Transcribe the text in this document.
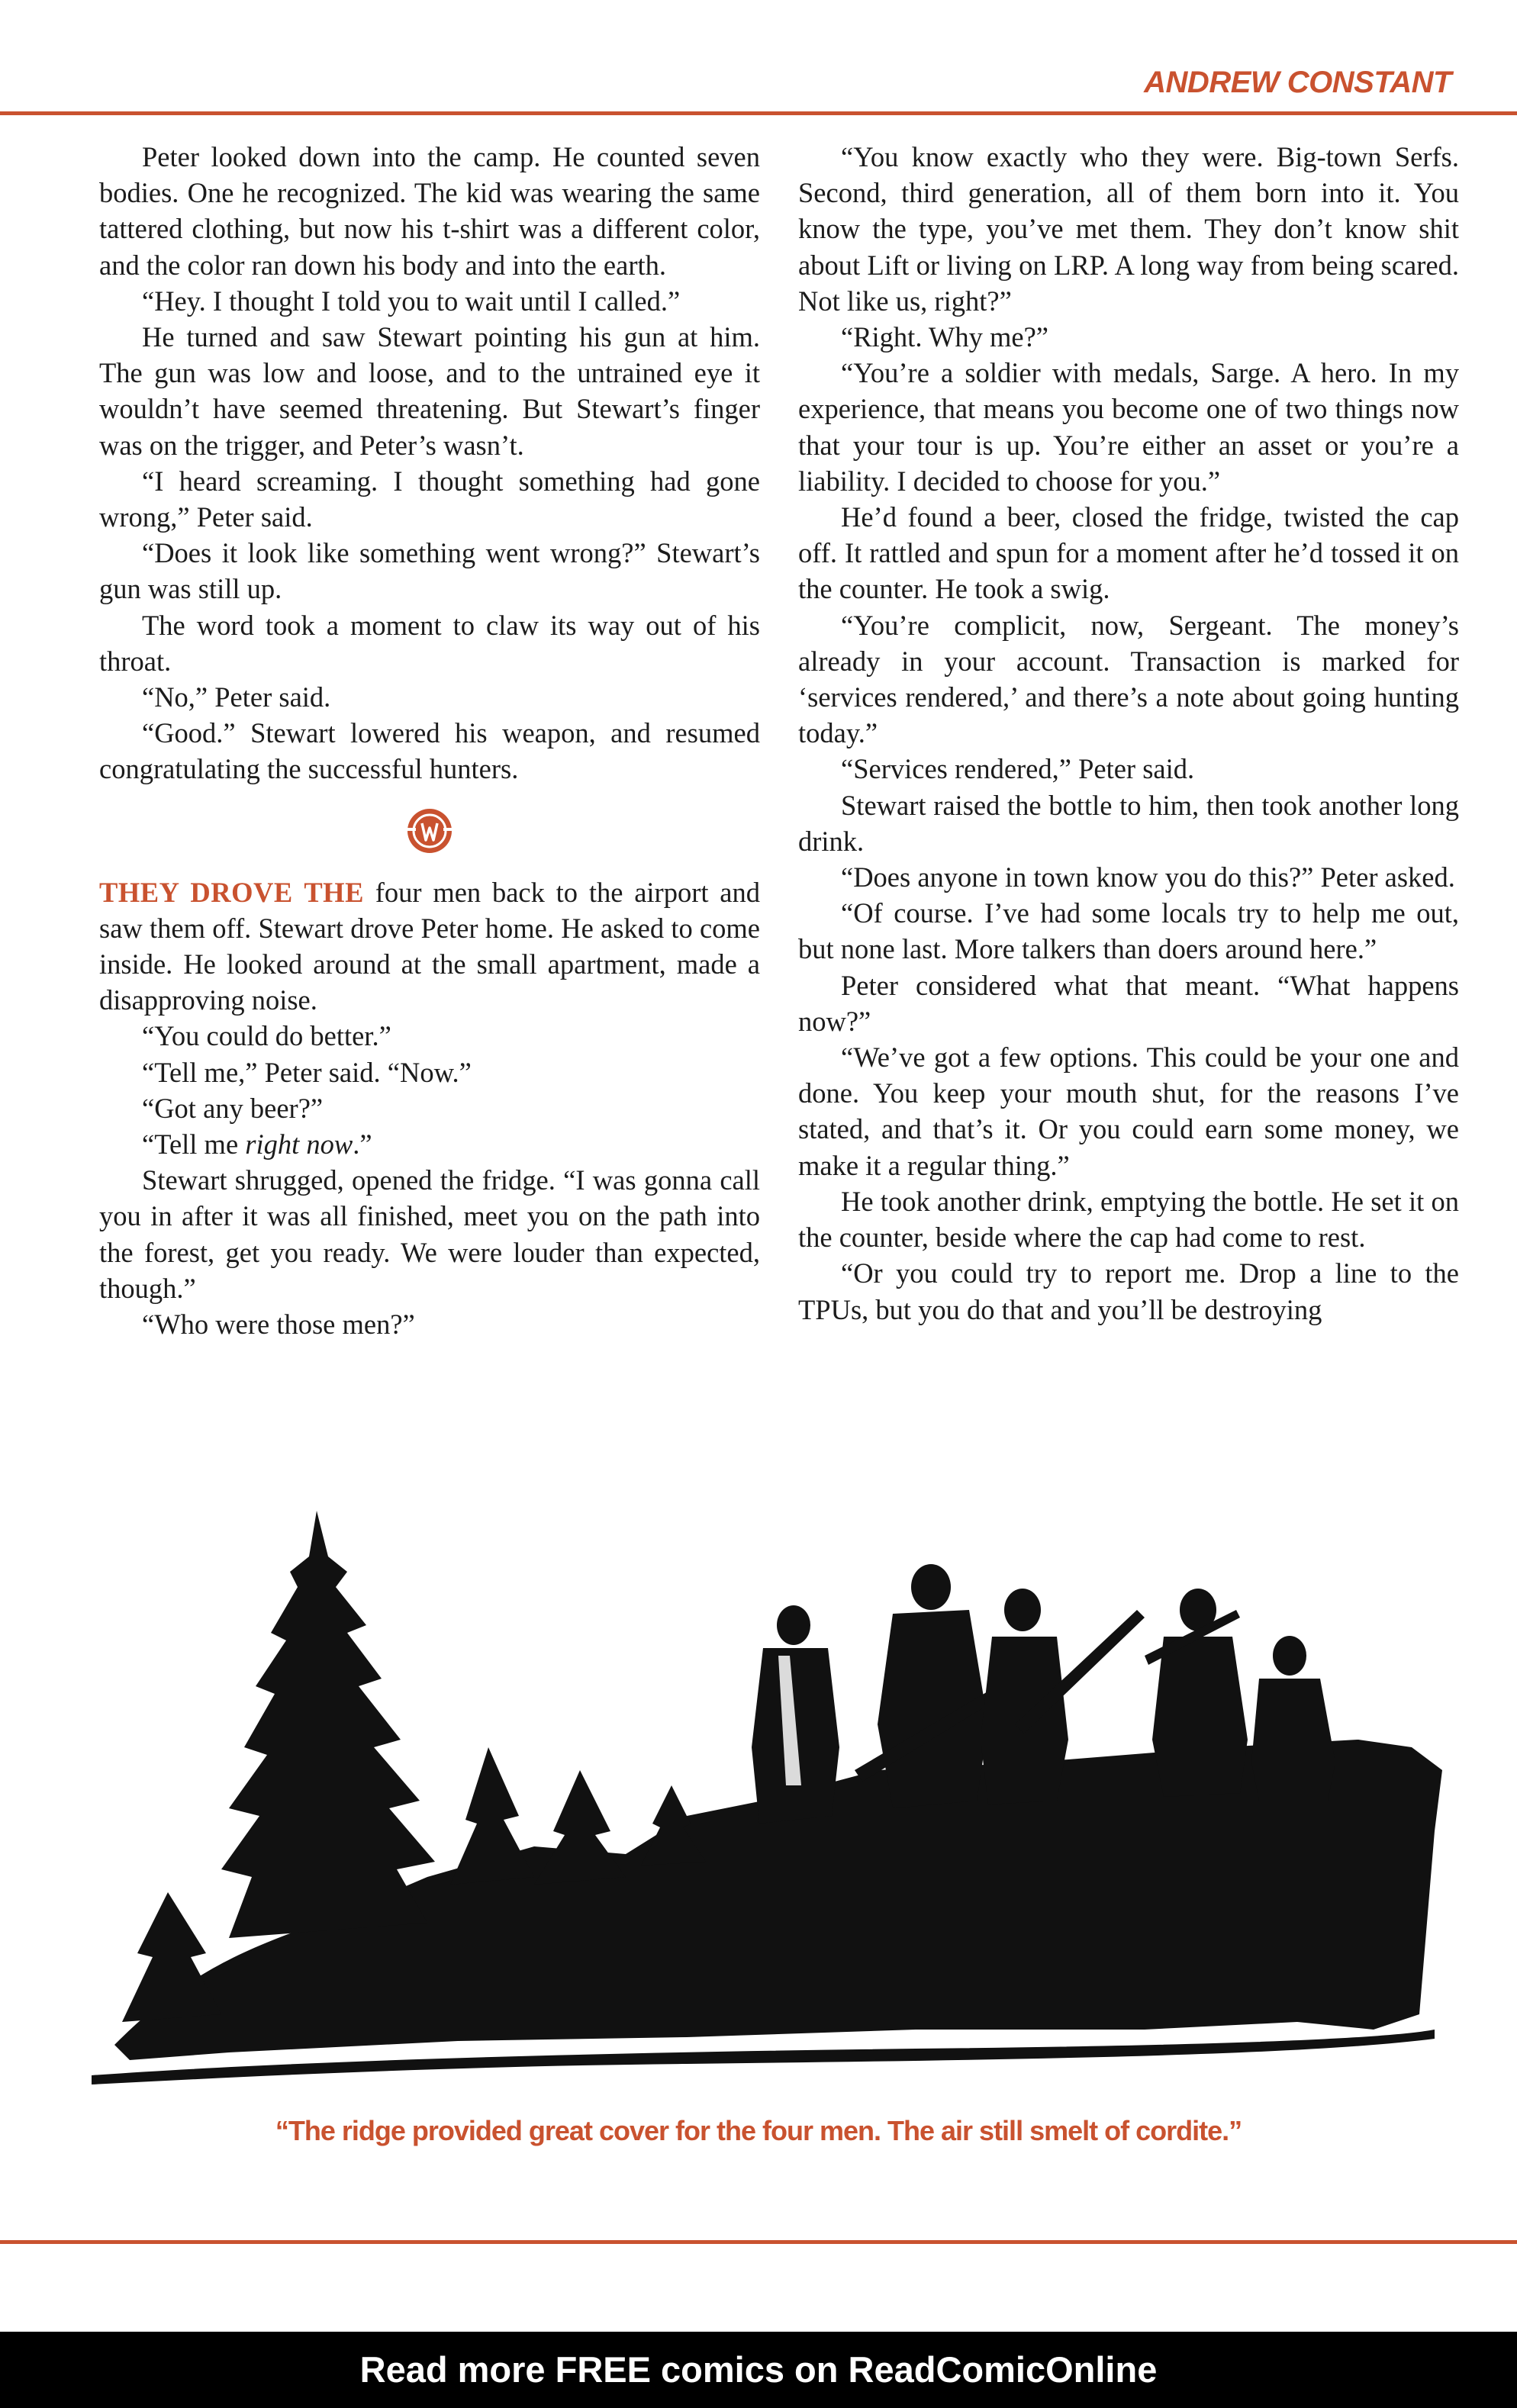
ANDREW CONSTANT

Peter looked down into the camp. He counted seven bodies. One he recognized. The kid was wearing the same tattered clothing, but now his t-shirt was a different color, and the color ran down his body and into the earth.

“Hey. I thought I told you to wait until I called.”

He turned and saw Stewart pointing his gun at him. The gun was low and loose, and to the untrained eye it wouldn’t have seemed threatening. But Stewart’s finger was on the trigger, and Peter’s wasn’t.

“I heard screaming. I thought something had gone wrong,” Peter said.

“Does it look like something went wrong?” Stewart’s gun was still up.

The word took a moment to claw its way out of his throat.

“No,” Peter said.

“Good.” Stewart lowered his weapon, and resumed congratulating the successful hunters.

THEY DROVE THE four men back to the airport and saw them off. Stewart drove Peter home. He asked to come inside. He looked around at the small apartment, made a disapproving noise.

“You could do better.”

“Tell me,” Peter said. “Now.”

“Got any beer?”

“Tell me right now.”

Stewart shrugged, opened the fridge. “I was gonna call you in after it was all finished, meet you on the path into the forest, get you ready. We were louder than expected, though.”

“Who were those men?”

“You know exactly who they were. Big-town Serfs. Second, third generation, all of them born into it. You know the type, you’ve met them. They don’t know shit about Lift or living on LRP. A long way from being scared. Not like us, right?”

“Right. Why me?”

“You’re a soldier with medals, Sarge. A hero. In my experience, that means you become one of two things now that your tour is up. You’re either an asset or you’re a liability. I decided to choose for you.”

He’d found a beer, closed the fridge, twisted the cap off. It rattled and spun for a moment after he’d tossed it on the counter. He took a swig.

“You’re complicit, now, Sergeant. The money’s already in your account. Transaction is marked for ‘services rendered,’ and there’s a note about going hunting today.”

“Services rendered,” Peter said.

Stewart raised the bottle to him, then took another long drink.

“Does anyone in town know you do this?” Peter asked.

“Of course. I’ve had some locals try to help me out, but none last. More talkers than doers around here.”

Peter considered what that meant. “What happens now?”

“We’ve got a few options. This could be your one and done. You keep your mouth shut, for the reasons I’ve stated, and that’s it. Or you could earn some money, we make it a regular thing.”

He took another drink, emptying the bottle. He set it on the counter, beside where the cap had come to rest.

“Or you could try to report me. Drop a line to the TPUs, but you do that and you’ll be destroying

“The ridge provided great cover for the four men. The air still smelt of cordite.”
Read more FREE comics on ReadComicOnline
